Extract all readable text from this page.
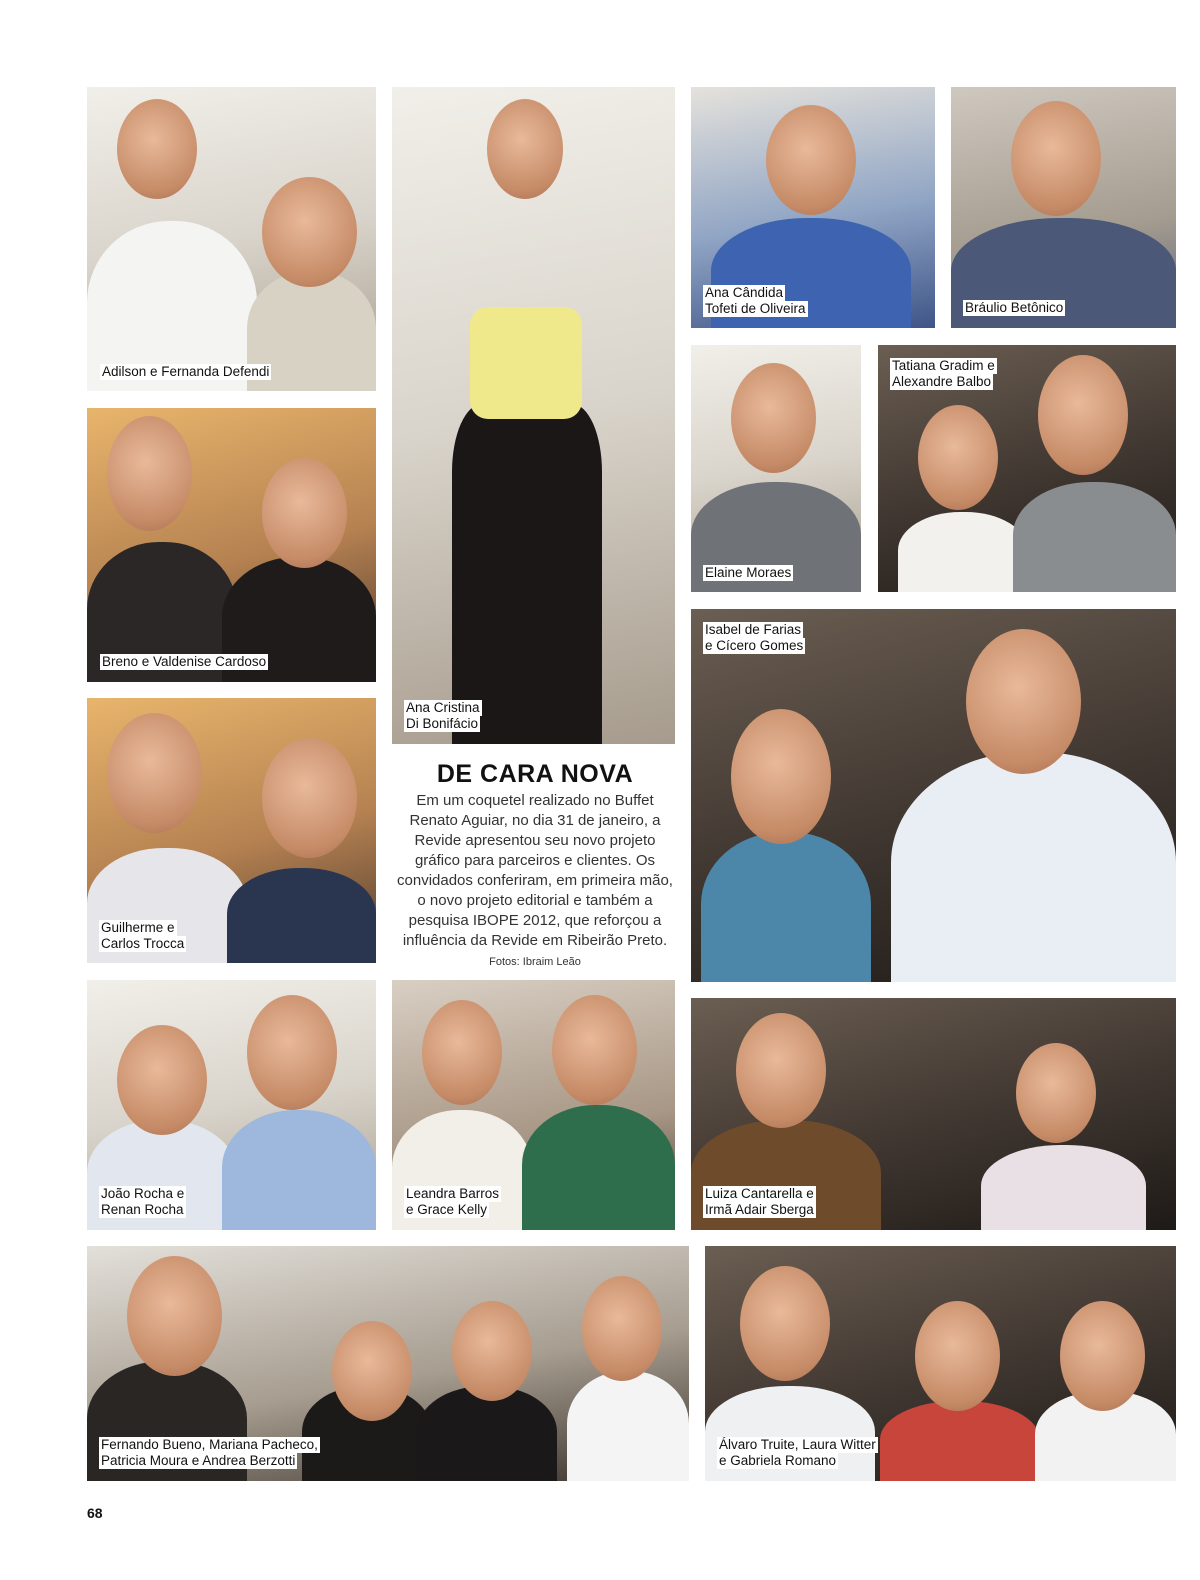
Adilson e Fernanda Defendi
Ana Cristina
Di Bonifácio
Ana Cândida
Tofeti de Oliveira	Bráulio Betônico
Breno e Valdenise Cardoso
Elaine Moraes
Tatiana Gradim e
Alexandre Balbo
Guilherme e
Carlos Trocca
DE CARA NOVA

Em um coquetel realizado no Buffet Renato Aguiar, no dia 31 de janeiro, a Revide apresentou seu novo projeto gráfico para parceiros e clientes. Os convidados conferiram, em primeira mão, o novo projeto editorial e também a pesquisa IBOPE 2012, que reforçou a influência da Revide em Ribeirão Preto. Fotos: Ibraim Leão

Isabel de Farias
e Cícero Gomes
João Rocha e
Renan Rocha
Leandra Barros
e Grace Kelly
Luiza Cantarella e
Irmã Adair Sberga
Fernando Bueno, Mariana Pacheco,
Patricia Moura e Andrea Berzotti
Álvaro Truite, Laura Witter
e Gabriela Romano
68
